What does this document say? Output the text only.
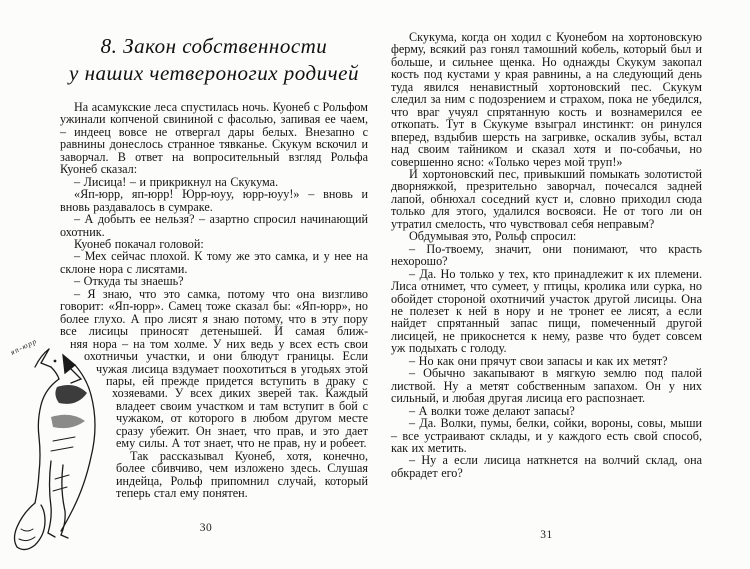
8. Закон собственности
у наших четвероногих родичей

На асамукские леса спустилась ночь. Куонеб с Рольфом ужинали копченой свининой с фасолью, запивая ее чаем, – индеец вовсе не отвергал дары белых. Внезапно с равнины донеслось странное тявканье. Скукум вскочил и заворчал. В ответ на вопросительный взгляд Рольфа Куонеб сказал:

– Лисица! – и прикрикнул на Скукума.

«Яп-юрр, яп-юрр! Юрр-юуу, юрр-юуу!» – вновь и вновь раздавалось в сумраке.

– А добыть ее нельзя? – азартно спросил начинающий охотник.

Куонеб покачал головой:

– Мех сейчас плохой. К тому же это самка, и у нее на склоне нора с лисятами.

– Откуда ты знаешь?

– Я знаю, что это самка, потому что она визгливо говорит: «Яп-юрр». Самец тоже сказал бы: «Яп-юрр», но более глухо. А про лисят я знаю потому, что в эту пору все лисицы приносят детенышей. И самая ближ-

няя нора – на том холме. У них ведь у всех есть свои охотничьи участки, и они блюдут границы. Если чужая лисица вздумает поохотиться в угодьях этой пары, ей прежде придется вступить в драку с хозяевами. У всех диких зверей так. Каждый владеет своим участком и там вступит в бой с чужаком, от которого в любом другом месте сразу убежит. Он знает, что прав, и это дает ему силы. А тот знает, что не прав, ну и робеет.

Так рассказывал Куонеб, хотя, конечно, более сбивчиво, чем изложено здесь. Слушая индейца, Рольф припомнил случай, который теперь стал ему понятен.

яп-юрр

Скукума, когда он ходил с Куонебом на хортоновскую ферму, всякий раз гонял тамошний кобель, который был и больше, и сильнее щенка. Но однажды Скукум закопал кость под кустами у края равнины, а на следующий день туда явился ненавистный хортоновский пес. Скукум следил за ним с подозрением и страхом, пока не убедился, что враг учуял спрятанную кость и вознамерился ее откопать. Тут в Скукуме взыграл инстинкт: он ринулся вперед, вздыбив шерсть на загривке, оскалив зубы, встал над своим тайником и сказал хотя и по-собачьи, но совершенно ясно: «Только через мой труп!»

И хортоновский пес, привыкший помыкать золотистой дворняжкой, презрительно заворчал, почесался задней лапой, обнюхал соседний куст и, словно приходил сюда только для этого, удалился восвояси. Не от того ли он утратил смелость, что чувствовал себя неправым?

Обдумывая это, Рольф спросил:

– По-твоему, значит, они понимают, что красть нехорошо?

– Да. Но только у тех, кто принадлежит к их племени. Лиса отнимет, что сумеет, у птицы, кролика или сурка, но обойдет стороной охотничий участок другой лисицы. Она не полезет к ней в нору и не тронет ее лисят, а если найдет спрятанный запас пищи, помеченный другой лисицей, не прикоснется к нему, разве что будет совсем уж подыхать с голоду.

– Но как они прячут свои запасы и как их метят?

– Обычно закапывают в мягкую землю под палой листвой. Ну а метят собственным запахом. Он у них сильный, и любая другая лисица его распознает.

– А волки тоже делают запасы?

– Да. Волки, пумы, белки, сойки, вороны, совы, мыши – все устраивают склады, и у каждого есть свой способ, как их метить.

– Ну а если лисица наткнется на волчий склад, она обкрадет его?

30
31
